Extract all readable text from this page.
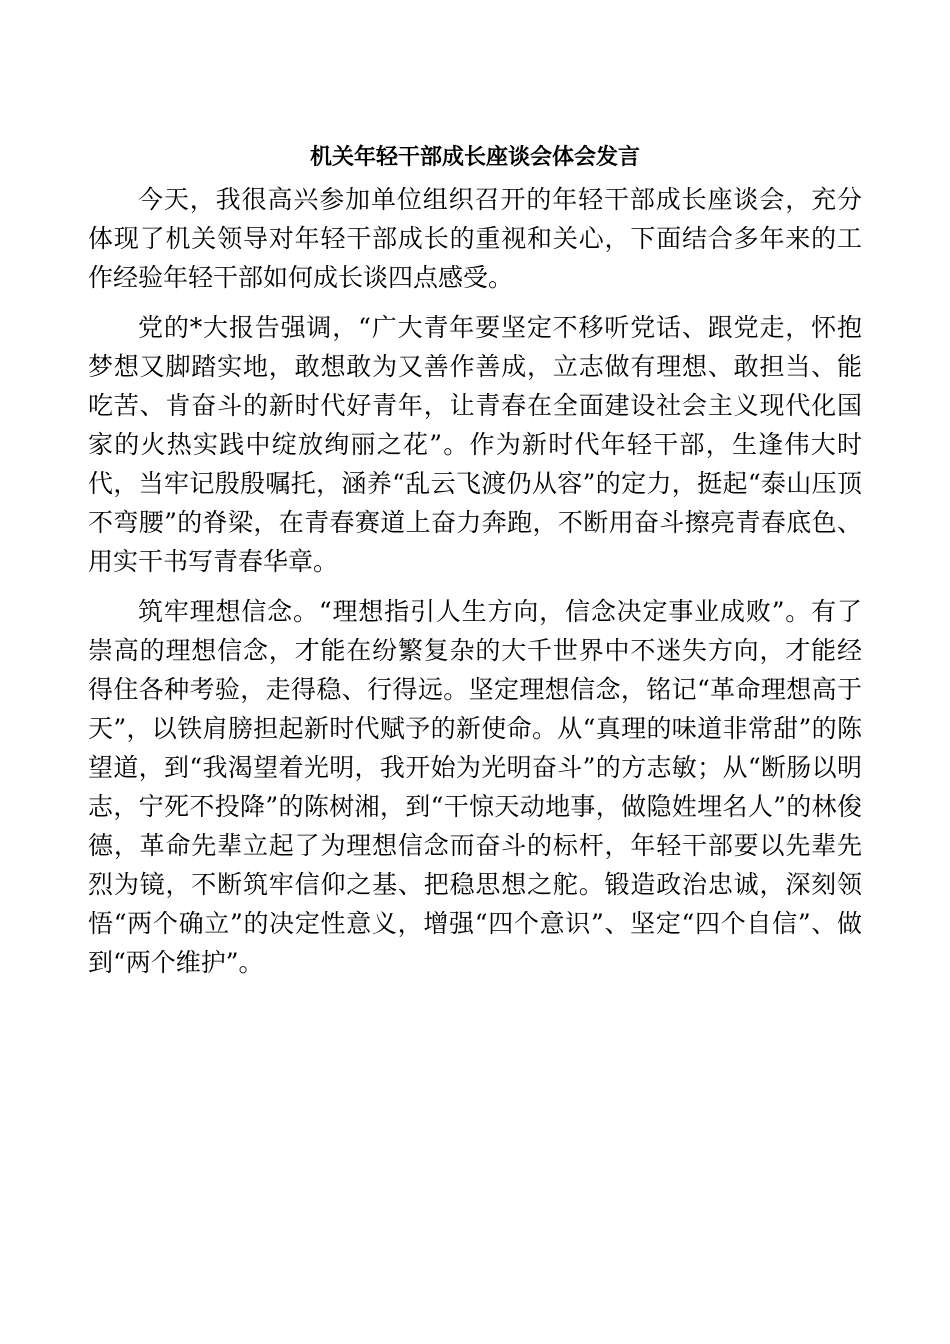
机关年轻干部成长座谈会体会发言

今天，我很高兴参加单位组织召开的年轻干部成长座谈会，充分体现了机关领导对年轻干部成长的重视和关心，下面结合多年来的工作经验年轻干部如何成长谈四点感受。

党的*大报告强调，“广大青年要坚定不移听党话、跟党走，怀抱梦想又脚踏实地，敢想敢为又善作善成，立志做有理想、敢担当、能吃苦、肯奋斗的新时代好青年，让青春在全面建设社会主义现代化国家的火热实践中绽放绚丽之花”。作为新时代年轻干部，生逢伟大时代，当牢记殷殷嘱托，涵养“乱云飞渡仍从容”的定力，挺起“泰山压顶不弯腰”的脊梁，在青春赛道上奋力奔跑，不断用奋斗擦亮青春底色、用实干书写青春华章。

筑牢理想信念。“理想指引人生方向，信念决定事业成败”。有了崇高的理想信念，才能在纷繁复杂的大千世界中不迷失方向，才能经得住各种考验，走得稳、行得远。坚定理想信念，铭记“革命理想高于天”，以铁肩膀担起新时代赋予的新使命。从“真理的味道非常甜”的陈望道，到“我渴望着光明，我开始为光明奋斗”的方志敏；从“断肠以明志，宁死不投降”的陈树湘，到“干惊天动地事，做隐姓埋名人”的林俊德，革命先辈立起了为理想信念而奋斗的标杆，年轻干部要以先辈先烈为镜，不断筑牢信仰之基、把稳思想之舵。锻造政治忠诚，深刻领悟“两个确立”的决定性意义，增强“四个意识”、坚定“四个自信”、做到“两个维护”。
